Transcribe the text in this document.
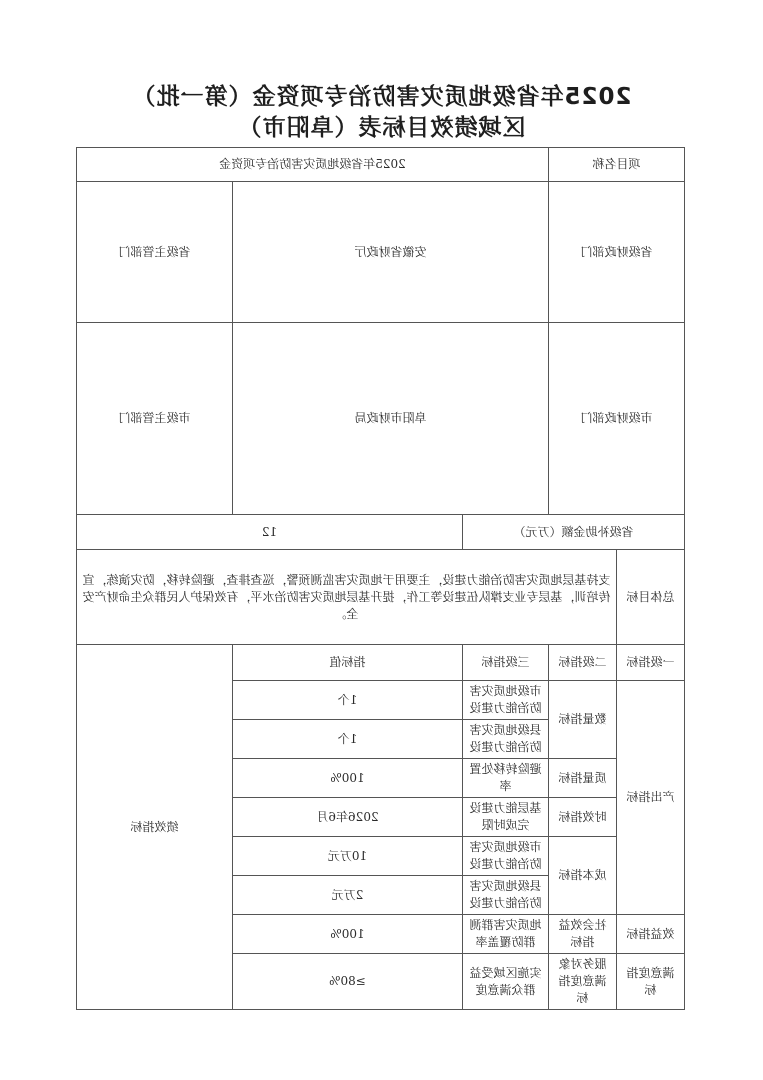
2025年省级地质灾害防治专项资金（第一批）
区域绩效目标表（阜阳市）
项目名称		2025年省级地质灾害防治专项资金			
省级财政部门		安徽省财政厅		省级主管部门	
市级财政部门		阜阳市财政局		市级主管部门	
省级补助金额（万元）			12		
总体目标	支持基层地质灾害防治能力建设，主要用于地质灾害监测预警，巡查排查，避险转移，防灾演练，宣传培训，基层专业支撑队伍建设等工作，提升基层地质灾害防治水平，有效保护人民群众生命财产安全。				
一级指标	二级指标	三级指标	指标值	绩效指标	
产出指标	数量指标	市级地质灾害防治能力建设	1个		
		县级地质灾害防治能力建设	1个		
	质量指标	避险转移处置率	100%		
	时效指标	基层能力建设完成时限	2026年6月		
	成本指标	市级地质灾害防治能力建设	10万元		
		县级地质灾害防治能力建设	2万元		
效益指标	社会效益指标	地质灾害群测群防覆盖率	100%		
满意度指标	服务对象满意度指标	实施区域受益群众满意度	≥80%		
